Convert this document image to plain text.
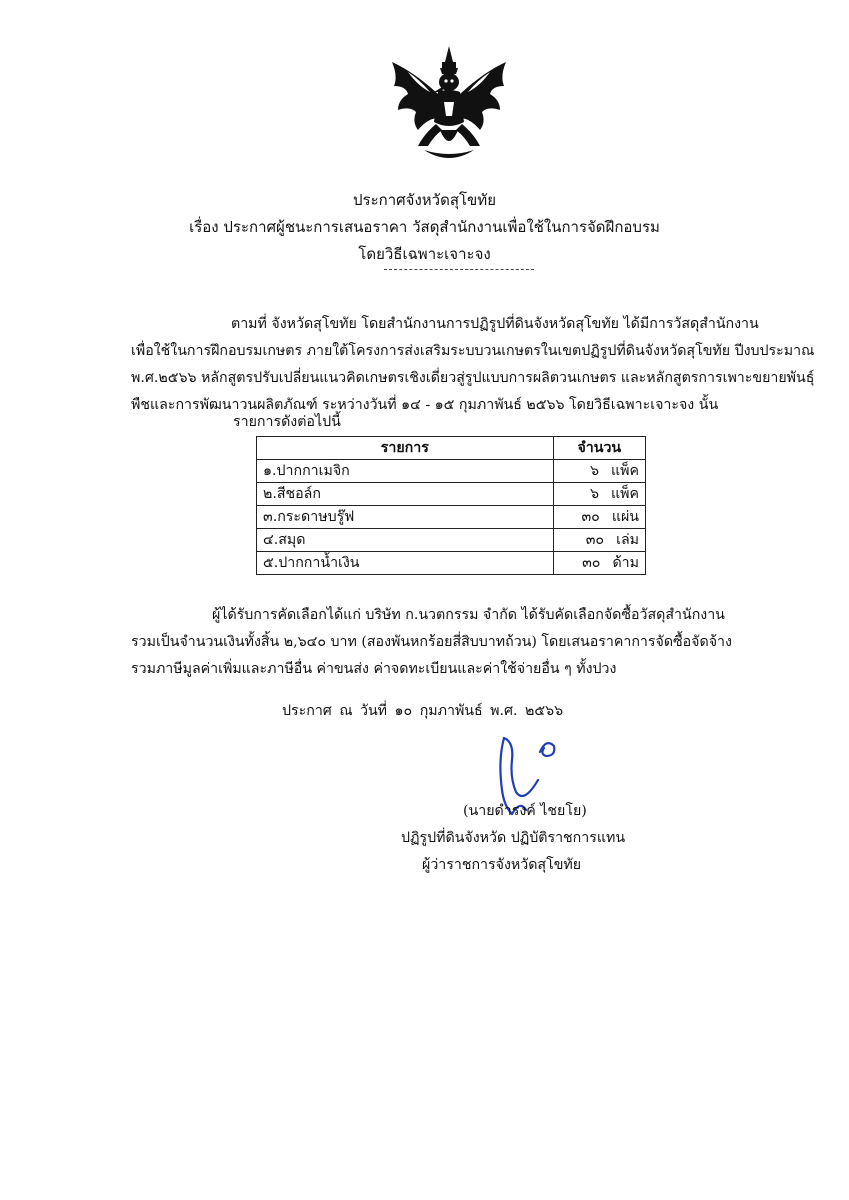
ประกาศจังหวัดสุโขทัย
เรื่อง ประกาศผู้ชนะการเสนอราคา วัสดุสำนักงานเพื่อใช้ในการจัดฝึกอบรม
โดยวิธีเฉพาะเจาะจง

ตามที่ จังหวัดสุโขทัย โดยสำนักงานการปฏิรูปที่ดินจังหวัดสุโขทัย ได้มีการวัสดุสำนักงาน
เพื่อใช้ในการฝึกอบรมเกษตร ภายใต้โครงการส่งเสริมระบบวนเกษตรในเขตปฏิรูปที่ดินจังหวัดสุโขทัย ปีงบประมาณ
พ.ศ.๒๕๖๖ หลักสูตรปรับเปลี่ยนแนวคิดเกษตรเชิงเดี่ยวสู่รูปแบบการผลิตวนเกษตร และหลักสูตรการเพาะขยายพันธุ์
พืชและการพัฒนาวนผลิตภัณฑ์ ระหว่างวันที่ ๑๔ - ๑๕ กุมภาพันธ์ ๒๕๖๖ โดยวิธีเฉพาะเจาะจง นั้น

รายการดังต่อไปนี้
รายการ	จำนวน
๑.ปากกาเมจิก	๖ แพ็ค

๒.สีชอล์ก	๖ แพ็ค

๓.กระดาษบรู๊ฟ	๓๐ แผ่น

๔.สมุด	๓๐ เล่ม

๕.ปากกาน้ำเงิน	๓๐ ด้าม

ผู้ได้รับการคัดเลือกได้แก่ บริษัท ก.นวตกรรม จำกัด ได้รับคัดเลือกจัดซื้อวัสดุสำนักงาน
รวมเป็นจำนวนเงินทั้งสิ้น ๒,๖๔๐ บาท (สองพันหกร้อยสี่สิบบาทถ้วน) โดยเสนอราคาการจัดซื้อจัดจ้าง
รวมภาษีมูลค่าเพิ่มและภาษีอื่น ค่าขนส่ง ค่าจดทะเบียนและค่าใช้จ่ายอื่น ๆ ทั้งปวง

ประกาศ ณ วันที่ ๑๐ กุมภาพันธ์ พ.ศ. ๒๕๖๖
(นายดำรงค์ ไชยโย)
ปฏิรูปที่ดินจังหวัด ปฏิบัติราชการแทน
ผู้ว่าราชการจังหวัดสุโขทัย
